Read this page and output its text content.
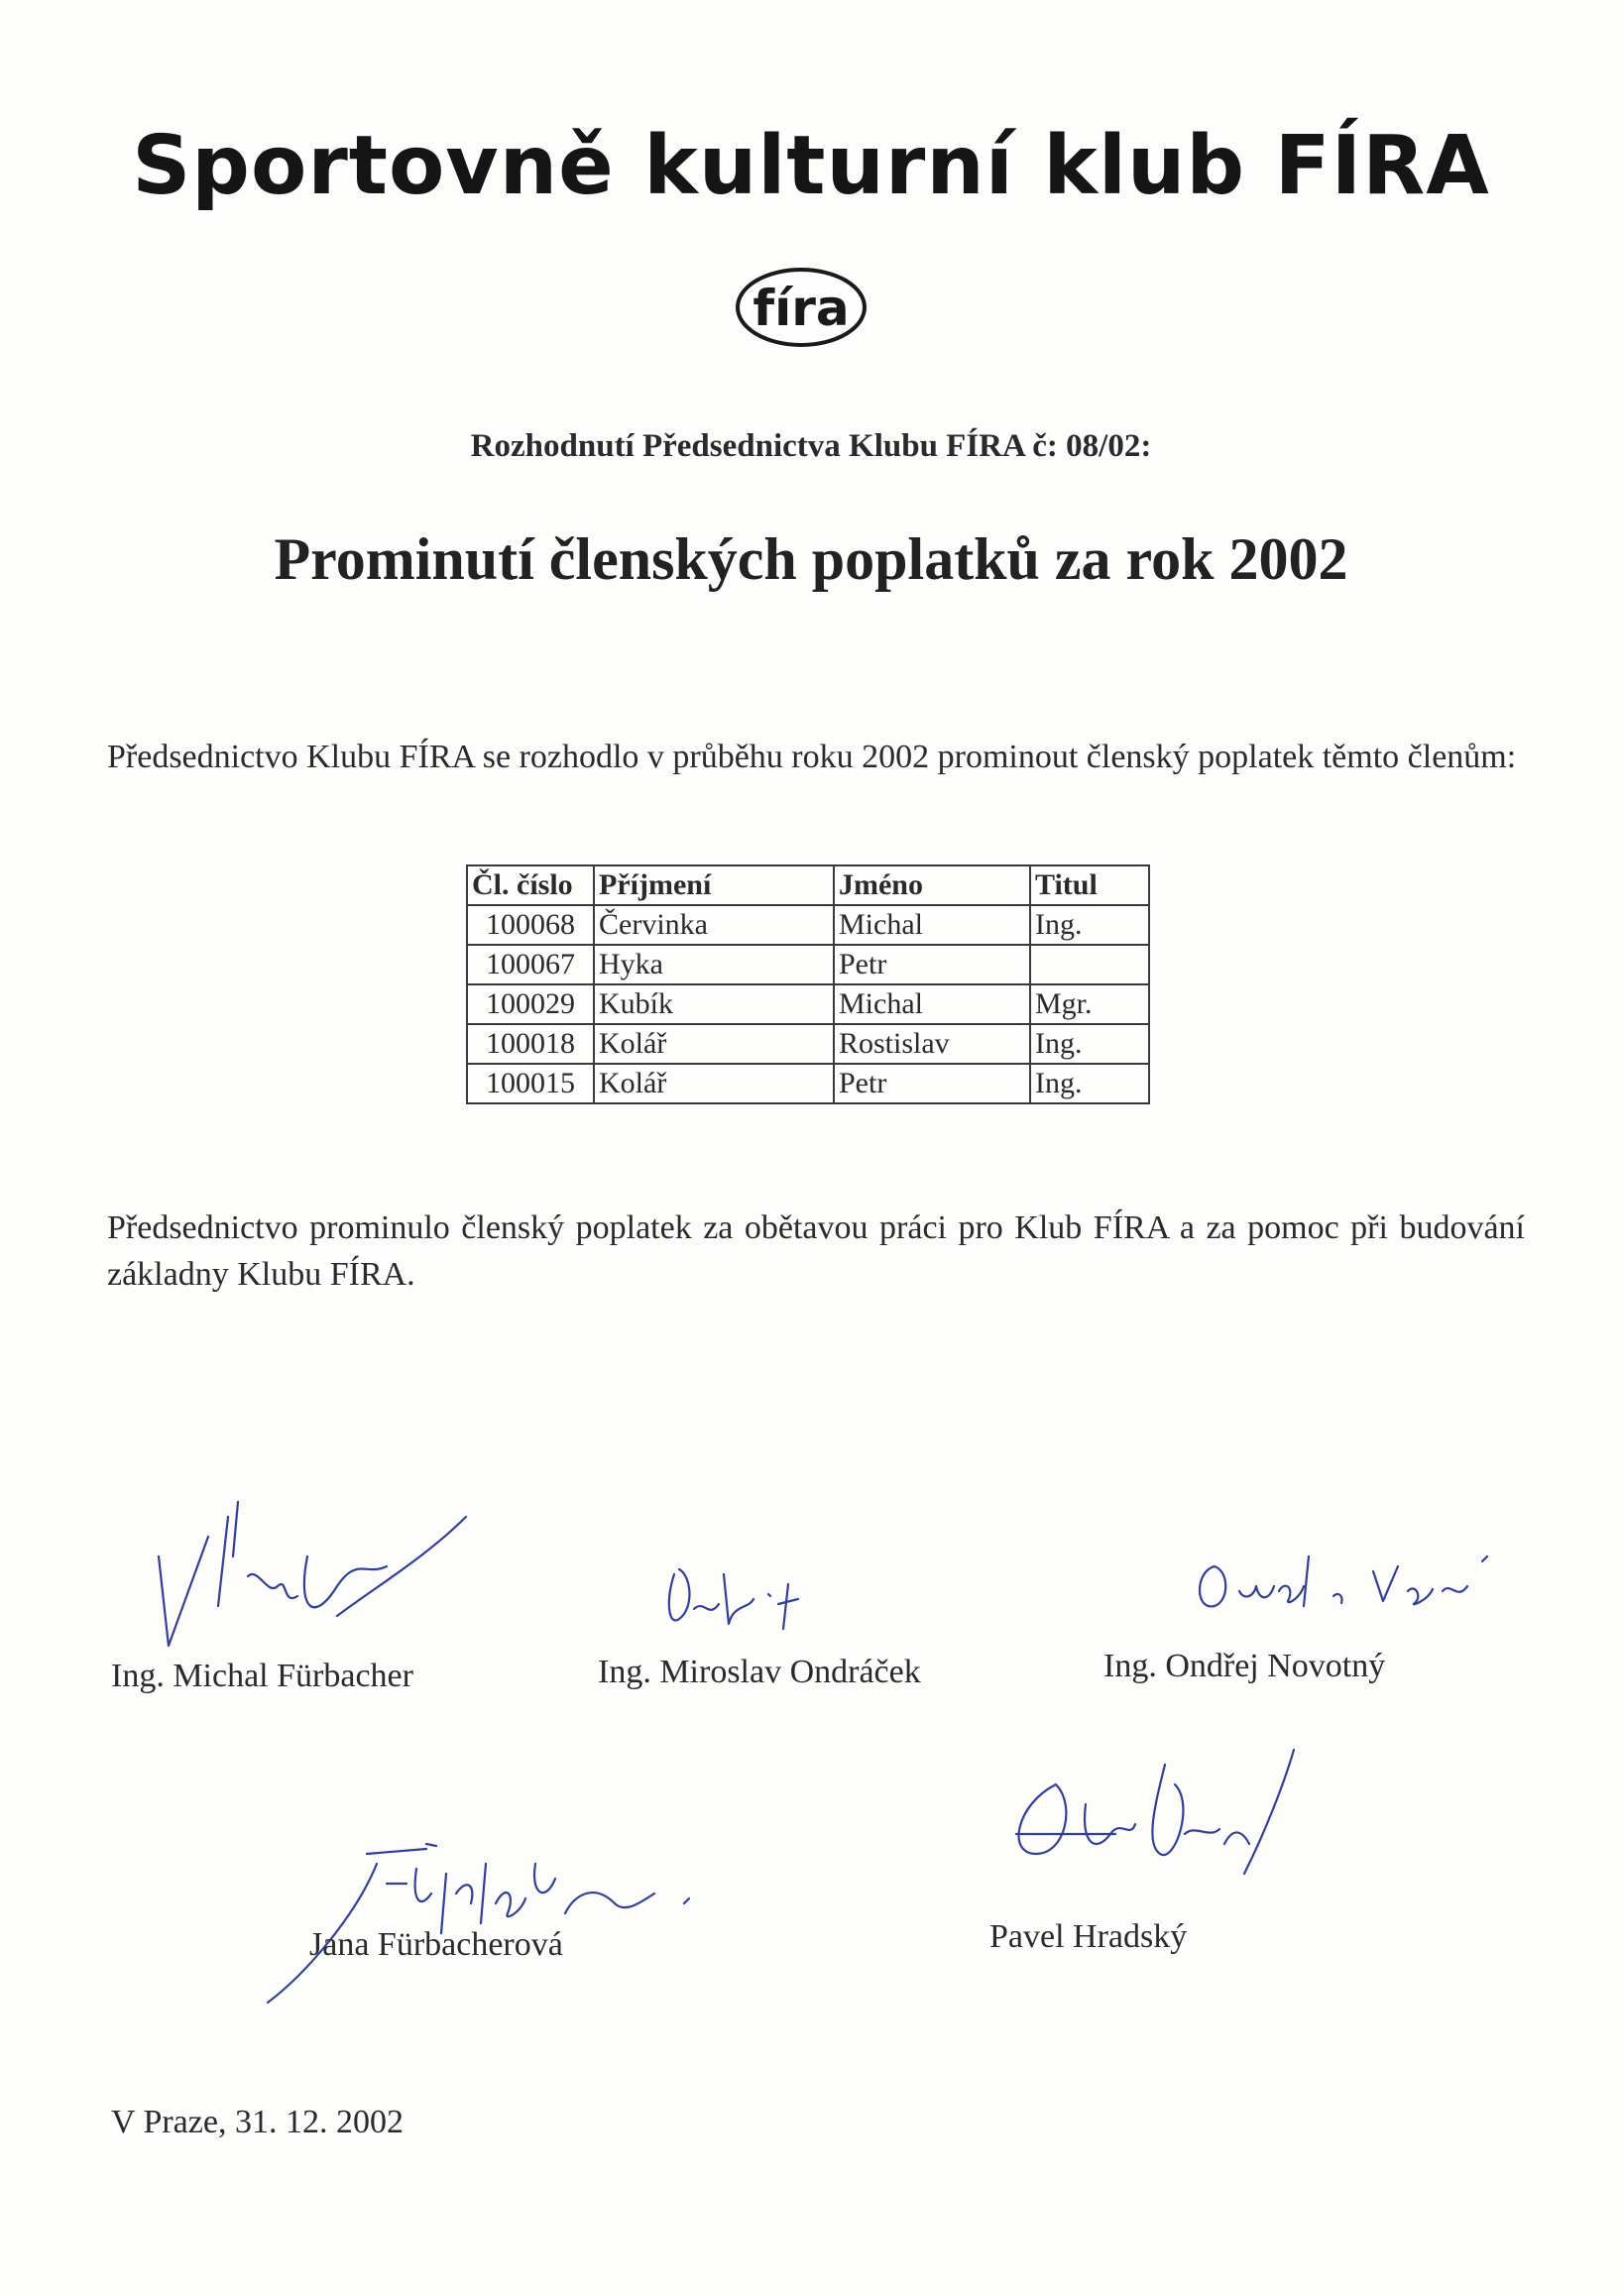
Sportovně kulturní klub FÍRA
fíra
Rozhodnutí Předsednictva Klubu FÍRA č: 08/02:
Prominutí členských poplatků za rok 2002
Předsednictvo Klubu FÍRA se rozhodlo v průběhu roku 2002 prominout členský poplatek těmto členům:
Čl. číslo	Příjmení	Jméno	Titul
100068	Červinka	Michal	Ing.
100067	Hyka	Petr	
100029	Kubík	Michal	Mgr.
100018	Kolář	Rostislav	Ing.
100015	Kolář	Petr	Ing.
Předsednictvo prominulo členský poplatek za obětavou práci pro Klub FÍRA a za pomoc při budování základny Klubu FÍRA.
Ing. Michal Fürbacher	Ing. Miroslav Ondráček	Ing. Ondřej Novotný
Jana Fürbacherová	Pavel Hradský
V Praze, 31. 12. 2002
